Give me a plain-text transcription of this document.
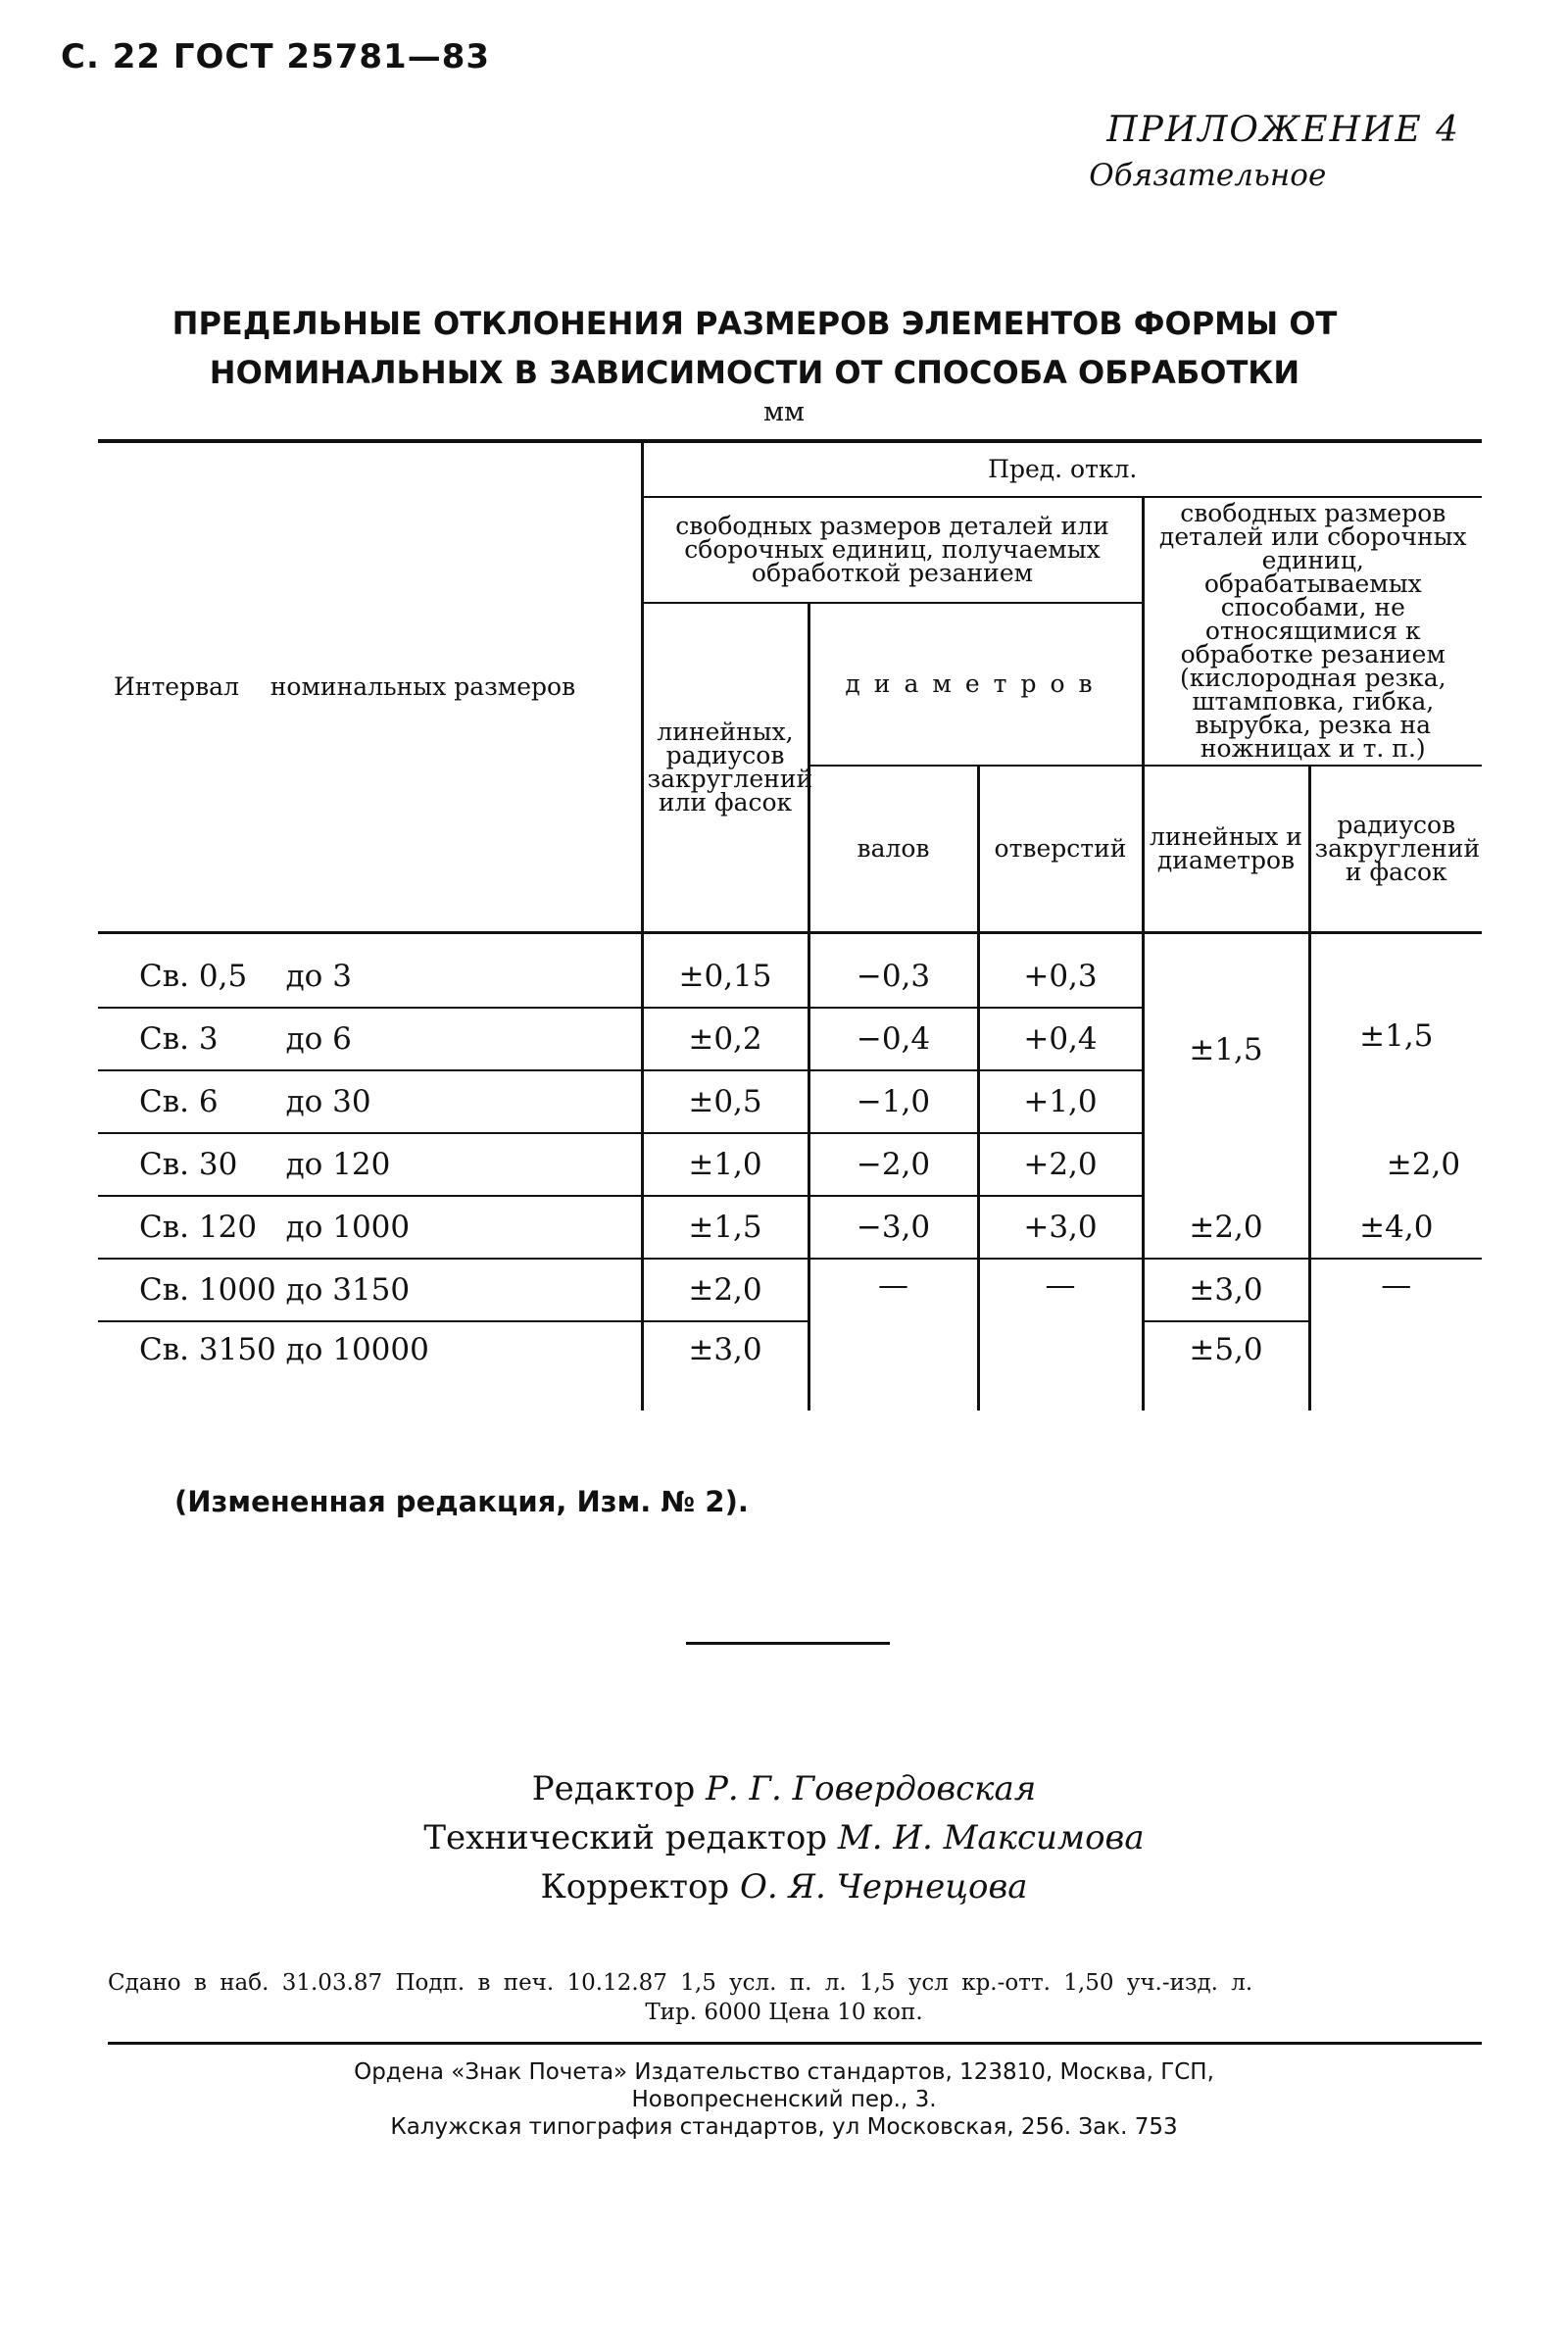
С. 22 ГОСТ 25781—83
ПРИЛОЖЕНИЕ 4
Обязательное
ПРЕДЕЛЬНЫЕ ОТКЛОНЕНИЯ РАЗМЕРОВ ЭЛЕМЕНТОВ ФОРМЫ ОТ
НОМИНАЛЬНЫХ В ЗАВИСИМОСТИ ОТ СПОСОБА ОБРАБОТКИ
мм
Интервал    номинальных размеров	Пред. откл.				
	свободных размеров деталей или сборочных единиц, получаемых обработкой резанием			свободных размеров деталей или сборочных единиц, обрабатываемых способами, не относящимися к обработке резанием (кислородная резка, штамповка, гибка, вырубка, резка на ножницах и т. п.)	
	линейных, радиусов закруглений или фасок	диаметров			
		валов	отверстий	линейных и диаметров	радиусов закруглений и фасок
Св. 0,5    до 3	±0,15	−0,3	+0,3	±1,5	±1,5
Св. 3       до 6	±0,2	−0,4	+0,4		
Св. 6       до 30	±0,5	−1,0	+1,0		
Св. 30     до 120	±1,0	−2,0	+2,0		±2,0
Св. 120   до 1000	±1,5	−3,0	+3,0	±2,0	±4,0
Св. 1000 до 3150	±2,0	—	—	±3,0	—
Св. 3150 до 10000	±3,0			±5,0	
(Измененная редакция, Изм. № 2).
Редактор Р. Г. Говердовская
Технический редактор М. И. Максимова
Корректор О. Я. Чернецова
Сдано в наб. 31.03.87 Подп. в печ. 10.12.87 1,5 усл. п. л. 1,5 усл кр.-отт. 1,50 уч.-изд. л.
Тир. 6000 Цена 10 коп.
Ордена «Знак Почета» Издательство стандартов, 123810, Москва, ГСП,
Новопресненский пер., 3.
Калужская типография стандартов, ул Московская, 256. Зак. 753
